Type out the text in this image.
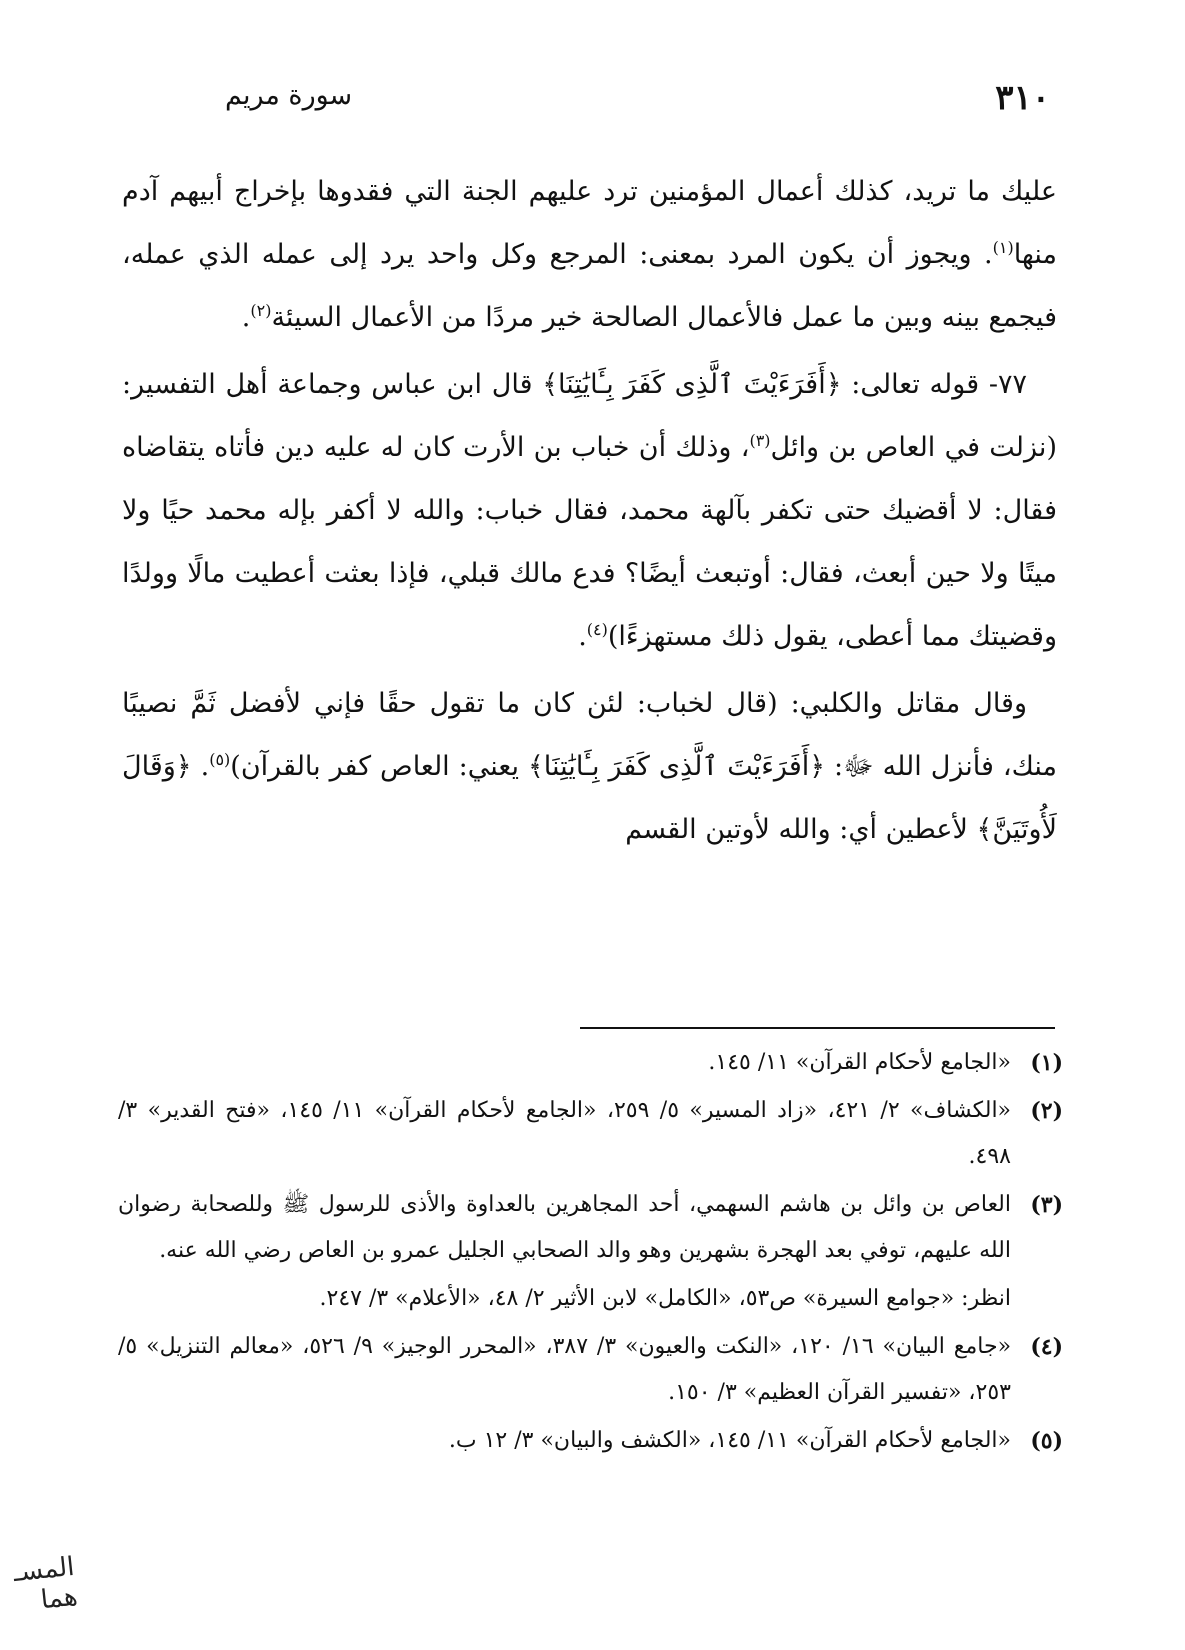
٣١٠
سورة مريم

عليك ما تريد، كذلك أعمال المؤمنين ترد عليهم الجنة التي فقدوها بإخراج أبيهم آدم منها$^{(١)}$. ويجوز أن يكون المرد بمعنى: المرجع وكل واحد يرد إلى عمله الذي عمله، فيجمع بينه وبين ما عمل فالأعمال الصالحة خير مردًا من الأعمال السيئة$^{(٢)}$.

٧٧- قوله تعالى: ﴿أَفَرَءَيْتَ ٱلَّذِى كَفَرَ بِـَٔايَٰتِنَا﴾ قال ابن عباس وجماعة أهل التفسير: (نزلت في العاص بن وائل$^{(٣)}$، وذلك أن خباب بن الأرت كان له عليه دين فأتاه يتقاضاه فقال: لا أقضيك حتى تكفر بآلهة محمد، فقال خباب: والله لا أكفر بإله محمد حيًا ولا ميتًا ولا حين أبعث، فقال: أوتبعث أيضًا؟ فدع مالك قبلي، فإذا بعثت أعطيت مالًا وولدًا وقضيتك مما أعطى، يقول ذلك مستهزءًا)$^{(٤)}$.

وقال مقاتل والكلبي: (قال لخباب: لئن كان ما تقول حقًا فإني لأفضل ثَمَّ نصيبًا منك، فأنزل الله ﷻ: ﴿أَفَرَءَيْتَ ٱلَّذِى كَفَرَ بِـَٔايَٰتِنَا﴾ يعني: العاص كفر بالقرآن)$^{(٥)}$. ﴿وَقَالَ لَأُوتَيَنَّ﴾ لأعطين أي: والله لأوتين القسم

(١)
«الجامع لأحكام القرآن» ١١/ ١٤٥.
(٢)
«الكشاف» ٢/ ٤٢١، «زاد المسير» ٥/ ٢٥٩، «الجامع لأحكام القرآن» ١١/ ١٤٥، «فتح القدير» ٣/ ٤٩٨.
(٣)
العاص بن وائل بن هاشم السهمي، أحد المجاهرين بالعداوة والأذى للرسول ﷺ وللصحابة رضوان الله عليهم، توفي بعد الهجرة بشهرين وهو والد الصحابي الجليل عمرو بن العاص رضي الله عنه.
انظر: «جوامع السيرة» ص٥٣، «الكامل» لابن الأثير ٢/ ٤٨، «الأعلام» ٣/ ٢٤٧.
(٤)
«جامع البيان» ١٦/ ١٢٠، «النكت والعيون» ٣/ ٣٨٧، «المحرر الوجيز» ٩/ ٥٢٦، «معالم التنزيل» ٥/ ٢٥٣، «تفسير القرآن العظيم» ٣/ ١٥٠.
(٥)
«الجامع لأحكام القرآن» ١١/ ١٤٥، «الكشف والبيان» ٣/ ١٢ ب.
المسـ هما
